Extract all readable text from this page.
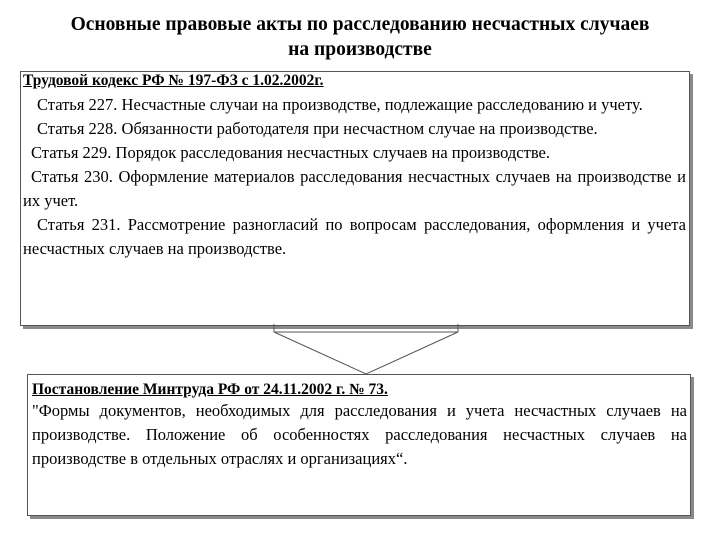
Основные правовые акты по расследованию несчастных случаев
на производстве

Трудовой кодекс РФ № 197-ФЗ с 1.02.2002г.

Статья 227. Несчастные случаи на производстве, подлежащие расследованию и учету.

Статья 228. Обязанности работодателя при несчастном случае на производстве.

Статья 229. Порядок расследования несчастных случаев на производстве.

Статья 230. Оформление материалов расследования несчастных случаев на производстве и их учет.

Статья 231. Рассмотрение разногласий по вопросам расследования, оформления и учета несчастных случаев на производстве.

Постановление Минтруда РФ от 24.11.2002 г. № 73.

"Формы документов, необходимых для расследования и учета несчастных случаев на производстве. Положение об особенностях расследования несчастных случаев на производстве в отдельных отраслях и организациях“.
